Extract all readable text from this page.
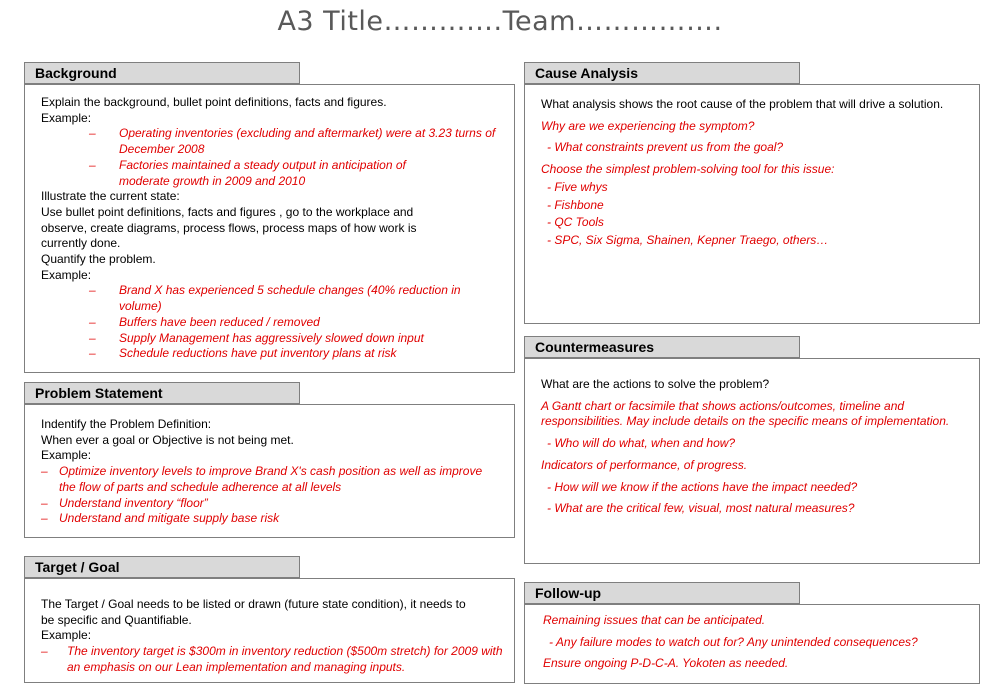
A3 Title………….Team…………….
Background
Explain the background, bullet point definitions, facts and figures.
Example:
–	Operating inventories (excluding and aftermarket) were at 3.23 turns of December 2008
–	Factories maintained a steady output in anticipation of moderate growth in 2009 and 2010
Illustrate the current state:
Use bullet point definitions, facts and figures , go to the workplace and observe, create diagrams, process flows, process maps of how work is currently done.
Quantify the problem.
Example:
–	Brand X has experienced 5 schedule changes (40% reduction in volume)
–	Buffers have been reduced / removed
–	Supply Management has aggressively slowed down input
–	Schedule reductions have put inventory plans at risk
Problem Statement
Indentify the Problem Definition:
When ever a goal or Objective is not being met.
Example:
– Optimize inventory levels to improve Brand X's cash position as well as improve the flow of parts and schedule adherence at all levels
– Understand inventory “floor”
– Understand and mitigate supply base risk
Target / Goal
The Target / Goal needs to be listed or drawn (future state condition), it needs to be specific and Quantifiable.
Example:
–	The inventory target is $300m in inventory reduction ($500m stretch) for 2009 with an emphasis on our Lean implementation and managing inputs.
Cause Analysis
What analysis shows the root cause of the problem that will drive a solution.
Why are we experiencing the symptom?
- What constraints prevent us from the goal?
Choose the simplest problem-solving tool for this issue:
- Five whys
- Fishbone
- QC Tools
- SPC, Six Sigma, Shainen, Kepner Traego, others…
Countermeasures
What are the actions to solve the problem?
A Gantt chart or facsimile that shows actions/outcomes, timeline and responsibilities. May include details on the specific means of implementation.
- Who will do what, when and how?
Indicators of performance, of progress.
- How will we know if the actions have the impact needed?
- What are the critical few, visual, most natural measures?
Follow-up
Remaining issues that can be anticipated.
- Any failure modes to watch out for? Any unintended consequences?
Ensure ongoing P-D-C-A. Yokoten as needed.
